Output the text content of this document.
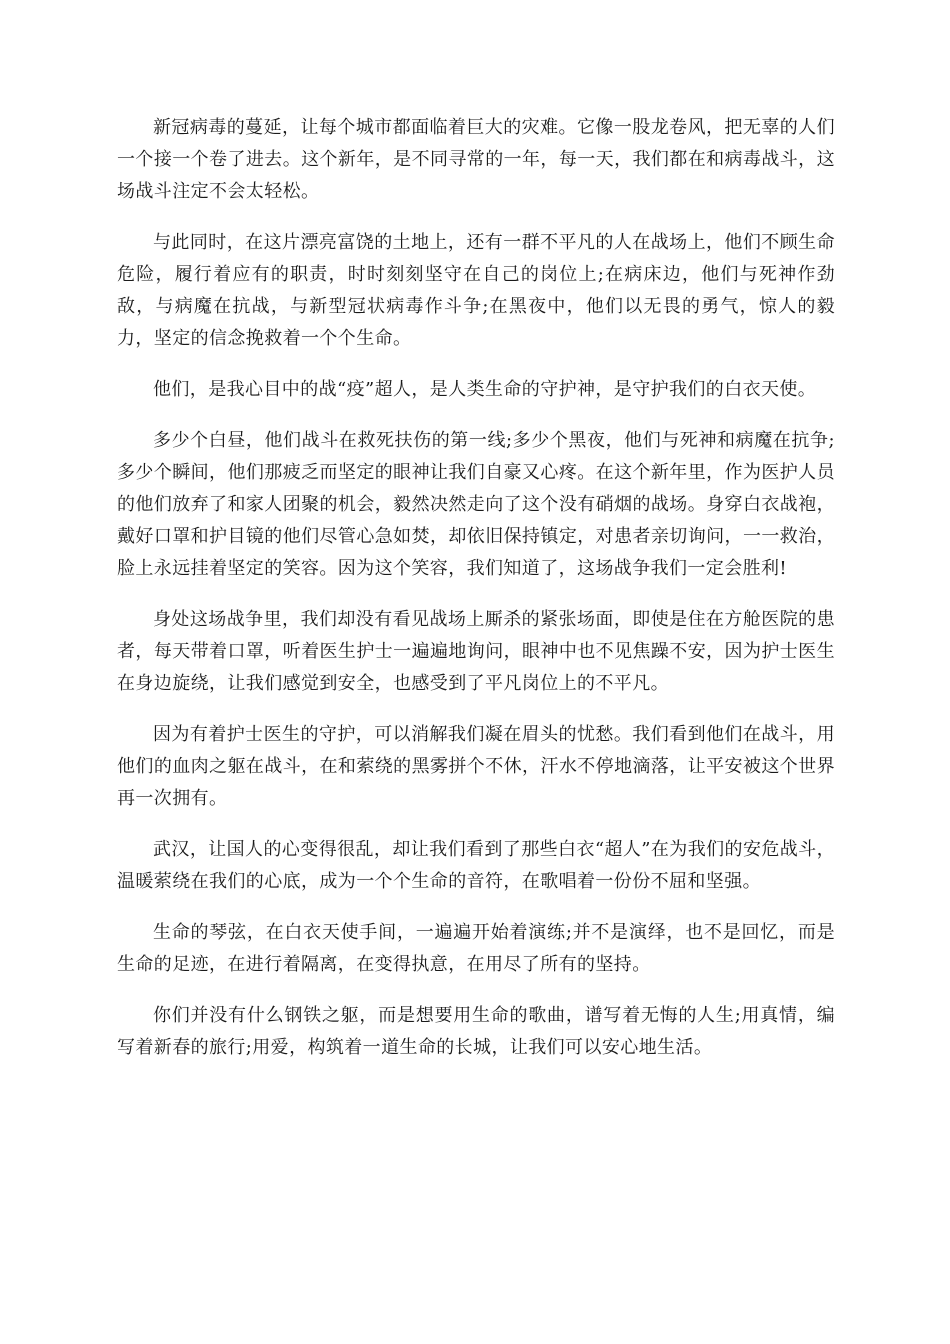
新冠病毒的蔓延，让每个城市都面临着巨大的灾难。它像一股龙卷风，把无辜的人们一个接一个卷了进去。这个新年，是不同寻常的一年，每一天，我们都在和病毒战斗，这场战斗注定不会太轻松。

与此同时，在这片漂亮富饶的土地上，还有一群不平凡的人在战场上，他们不顾生命危险，履行着应有的职责，时时刻刻坚守在自己的岗位上;在病床边，他们与死神作劲敌，与病魔在抗战，与新型冠状病毒作斗争;在黑夜中，他们以无畏的勇气，惊人的毅力，坚定的信念挽救着一个个生命。

他们，是我心目中的战“疫”超人，是人类生命的守护神，是守护我们的白衣天使。

多少个白昼，他们战斗在救死扶伤的第一线;多少个黑夜，他们与死神和病魔在抗争;多少个瞬间，他们那疲乏而坚定的眼神让我们自豪又心疼。在这个新年里，作为医护人员的他们放弃了和家人团聚的机会，毅然决然走向了这个没有硝烟的战场。身穿白衣战袍，戴好口罩和护目镜的他们尽管心急如焚，却依旧保持镇定，对患者亲切询问，一一救治，脸上永远挂着坚定的笑容。因为这个笑容，我们知道了，这场战争我们一定会胜利!

身处这场战争里，我们却没有看见战场上厮杀的紧张场面，即使是住在方舱医院的患者，每天带着口罩，听着医生护士一遍遍地询问，眼神中也不见焦躁不安，因为护士医生在身边旋绕，让我们感觉到安全，也感受到了平凡岗位上的不平凡。

因为有着护士医生的守护，可以消解我们凝在眉头的忧愁。我们看到他们在战斗，用他们的血肉之躯在战斗，在和萦绕的黑雾拼个不休，汗水不停地滴落，让平安被这个世界再一次拥有。

武汉，让国人的心变得很乱，却让我们看到了那些白衣“超人”在为我们的安危战斗，温暖萦绕在我们的心底，成为一个个生命的音符，在歌唱着一份份不屈和坚强。

生命的琴弦，在白衣天使手间，一遍遍开始着演练;并不是演绎，也不是回忆，而是生命的足迹，在进行着隔离，在变得执意，在用尽了所有的坚持。

你们并没有什么钢铁之躯，而是想要用生命的歌曲，谱写着无悔的人生;用真情，编写着新春的旅行;用爱，构筑着一道生命的长城，让我们可以安心地生活。
